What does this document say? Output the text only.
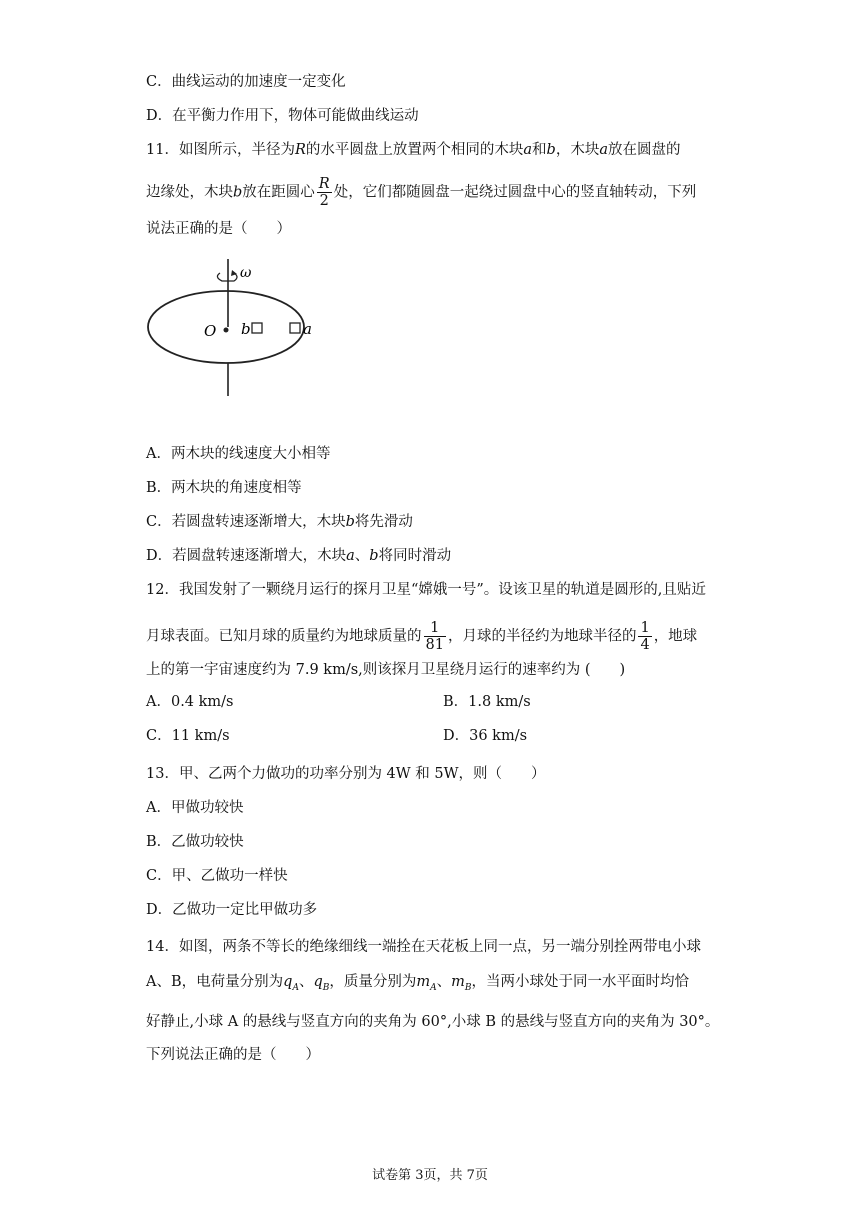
C．曲线运动的加速度一定变化
D．在平衡力作用下，物体可能做曲线运动
11．如图所示，半径为R的水平圆盘上放置两个相同的木块a和b，木块a放在圆盘的
边缘处，木块b放在距圆心 $\frac{R}{2}$ 处，它们都随圆盘一起绕过圆盘中心的竖直轴转动，下列
说法正确的是（　　）
ω
O b	a
A．两木块的线速度大小相等
B．两木块的角速度相等
C．若圆盘转速逐渐增大，木块b将先滑动
D．若圆盘转速逐渐增大，木块a、b将同时滑动
12．我国发射了一颗绕月运行的探月卫星“嫦娥一号”。设该卫星的轨道是圆形的,且贴近
月球表面。已知月球的质量约为地球质量的 $\frac{1}{81}$ ，月球的半径约为地球半径的 $\frac{1}{4}$ ，地球
上的第一宇宙速度约为 7.9 km/s,则该探月卫星绕月运行的速率约为 (　　)
A．0.4 km/s	B．1.8 km/s
C．11 km/s	D．36 km/s
13．甲、乙两个力做功的功率分别为 4W 和 5W，则（　　）
A．甲做功较快
B．乙做功较快
C．甲、乙做功一样快
D．乙做功一定比甲做功多
14．如图，两条不等长的绝缘细线一端拴在天花板上同一点，另一端分别拴两带电小球
A、B，电荷量分别为$q_A$、$q_B$，质量分别为$m_A$、$m_B$，当两小球处于同一水平面时均恰
好静止,小球 A 的悬线与竖直方向的夹角为 60°,小球 B 的悬线与竖直方向的夹角为 30°。
下列说法正确的是（　　）
试卷第 3页，共 7页
